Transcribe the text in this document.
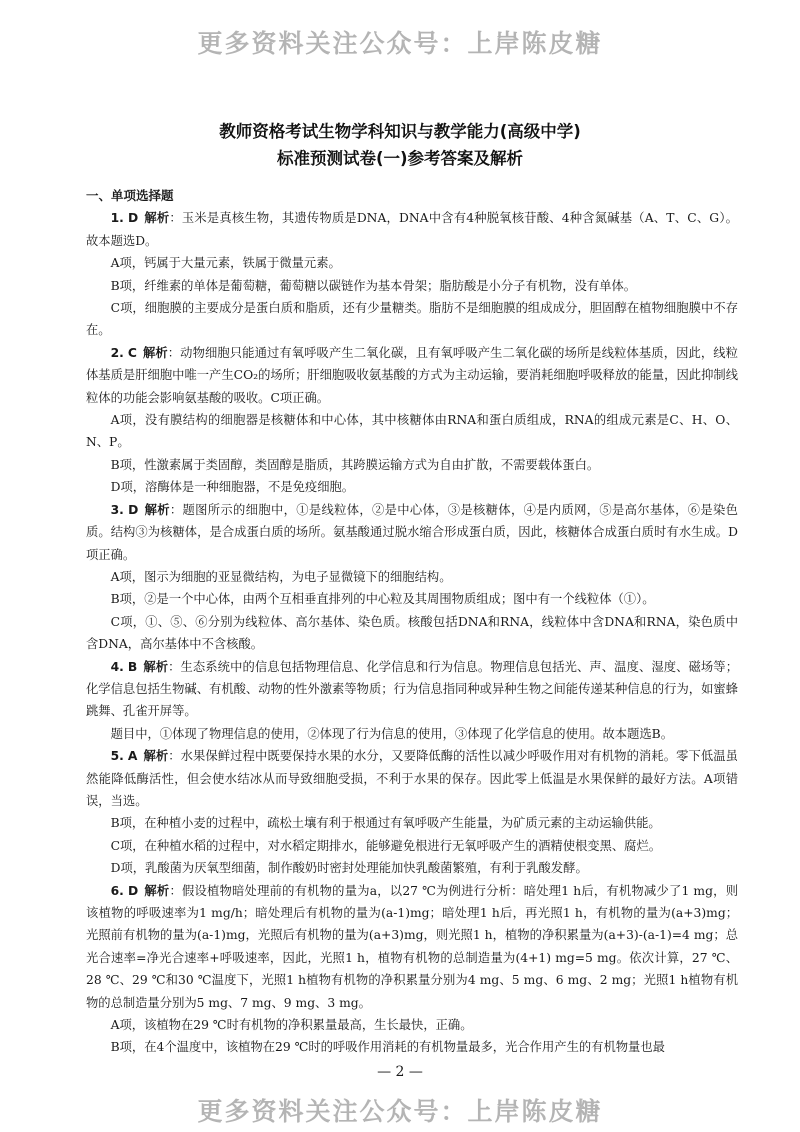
更多资料关注公众号：上岸陈皮糖
教师资格考试生物学科知识与教学能力(高级中学)
标准预测试卷(一)参考答案及解析

一、单项选择题

1. D 解析：玉米是真核生物，其遗传物质是DNA，DNA中含有4种脱氧核苷酸、4种含氮碱基（A、T、C、G）。故本题选D。

A项，钙属于大量元素，铁属于微量元素。

B项，纤维素的单体是葡萄糖，葡萄糖以碳链作为基本骨架；脂肪酸是小分子有机物，没有单体。

C项，细胞膜的主要成分是蛋白质和脂质，还有少量糖类。脂肪不是细胞膜的组成成分，胆固醇在植物细胞膜中不存在。

2. C 解析：动物细胞只能通过有氧呼吸产生二氧化碳，且有氧呼吸产生二氧化碳的场所是线粒体基质，因此，线粒体基质是肝细胞中唯一产生CO₂的场所；肝细胞吸收氨基酸的方式为主动运输，要消耗细胞呼吸释放的能量，因此抑制线粒体的功能会影响氨基酸的吸收。C项正确。

A项，没有膜结构的细胞器是核糖体和中心体，其中核糖体由RNA和蛋白质组成，RNA的组成元素是C、H、O、N、P。

B项，性激素属于类固醇，类固醇是脂质，其跨膜运输方式为自由扩散，不需要载体蛋白。

D项，溶酶体是一种细胞器，不是免疫细胞。

3. D 解析：题图所示的细胞中，①是线粒体，②是中心体，③是核糖体，④是内质网，⑤是高尔基体，⑥是染色质。结构③为核糖体，是合成蛋白质的场所。氨基酸通过脱水缩合形成蛋白质，因此，核糖体合成蛋白质时有水生成。D项正确。

A项，图示为细胞的亚显微结构，为电子显微镜下的细胞结构。

B项，②是一个中心体，由两个互相垂直排列的中心粒及其周围物质组成；图中有一个线粒体（①）。

C项，①、⑤、⑥分别为线粒体、高尔基体、染色质。核酸包括DNA和RNA，线粒体中含DNA和RNA，染色质中含DNA，高尔基体中不含核酸。

4. B 解析：生态系统中的信息包括物理信息、化学信息和行为信息。物理信息包括光、声、温度、湿度、磁场等；化学信息包括生物碱、有机酸、动物的性外激素等物质；行为信息指同种或异种生物之间能传递某种信息的行为，如蜜蜂跳舞、孔雀开屏等。

题目中，①体现了物理信息的使用，②体现了行为信息的使用，③体现了化学信息的使用。故本题选B。

5. A 解析：水果保鲜过程中既要保持水果的水分，又要降低酶的活性以减少呼吸作用对有机物的消耗。零下低温虽然能降低酶活性，但会使水结冰从而导致细胞受损，不利于水果的保存。因此零上低温是水果保鲜的最好方法。A项错误，当选。

B项，在种植小麦的过程中，疏松土壤有利于根通过有氧呼吸产生能量，为矿质元素的主动运输供能。

C项，在种植水稻的过程中，对水稻定期排水，能够避免根进行无氧呼吸产生的酒精使根变黑、腐烂。

D项，乳酸菌为厌氧型细菌，制作酸奶时密封处理能加快乳酸菌繁殖，有利于乳酸发酵。

6. D 解析：假设植物暗处理前的有机物的量为a，以27 ℃为例进行分析：暗处理1 h后，有机物减少了1 mg，则该植物的呼吸速率为1 mg/h；暗处理后有机物的量为(a-1)mg；暗处理1 h后，再光照1 h，有机物的量为(a+3)mg；光照前有机物的量为(a-1)mg，光照后有机物的量为(a+3)mg，则光照1 h，植物的净积累量为(a+3)-(a-1)=4 mg；总光合速率=净光合速率+呼吸速率，因此，光照1 h，植物有机物的总制造量为(4+1) mg=5 mg。依次计算，27 ℃、28 ℃、29 ℃和30 ℃温度下，光照1 h植物有机物的净积累量分别为4 mg、5 mg、6 mg、2 mg；光照1 h植物有机物的总制造量分别为5 mg、7 mg、9 mg、3 mg。

A项，该植物在29 ℃时有机物的净积累量最高，生长最快，正确。

B项，在4个温度中，该植物在29 ℃时的呼吸作用消耗的有机物量最多，光合作用产生的有机物量也最

— 2 —
更多资料关注公众号：上岸陈皮糖
